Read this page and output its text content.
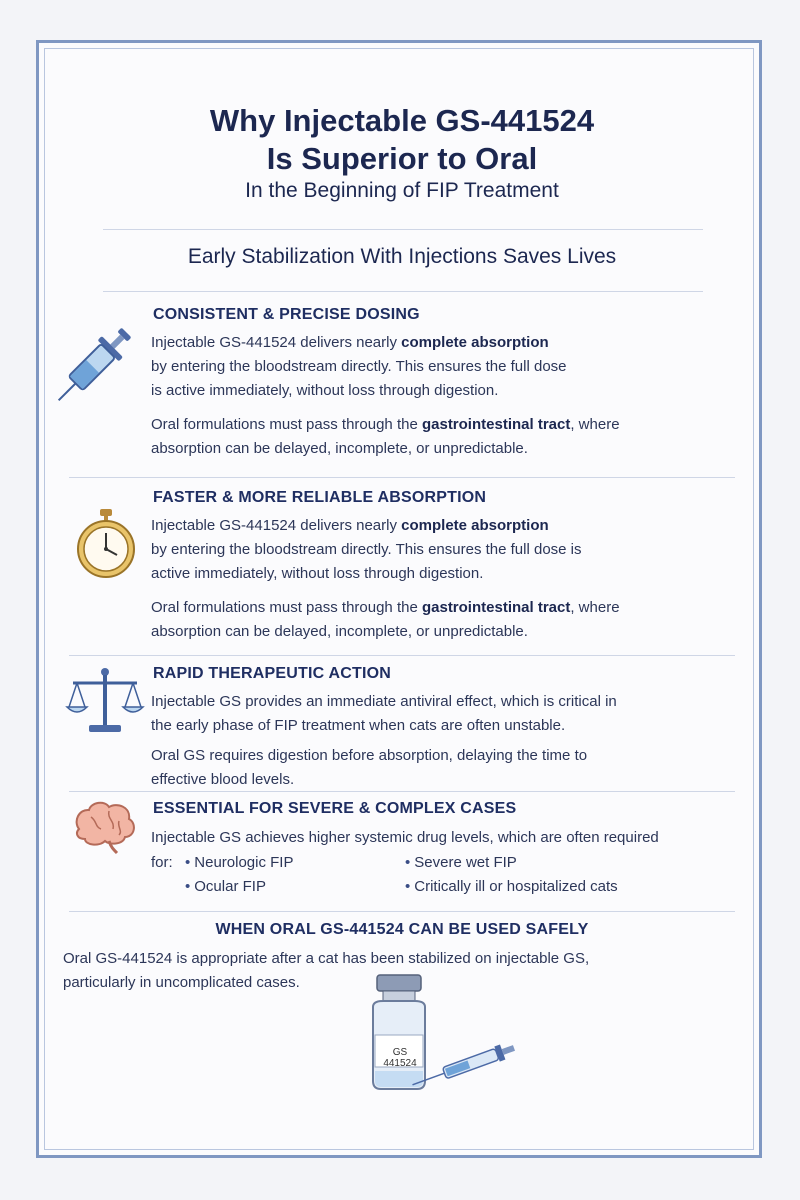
Why Injectable GS-441524
Is Superior to Oral
In the Beginning of FIP Treatment
Early Stabilization With Injections Saves Lives
CONSISTENT & PRECISE DOSING
Injectable GS-441524 delivers nearly complete absorption
by entering the bloodstream directly. This ensures the full dose
is active immediately, without loss through digestion.
Oral formulations must pass through the gastrointestinal tract, where
absorption can be delayed, incomplete, or unpredictable.
FASTER & MORE RELIABLE ABSORPTION
Injectable GS-441524 delivers nearly complete absorption
by entering the bloodstream directly. This ensures the full dose is
active immediately, without loss through digestion.
Oral formulations must pass through the gastrointestinal tract, where
absorption can be delayed, incomplete, or unpredictable.
RAPID THERAPEUTIC ACTION
Injectable GS provides an immediate antiviral effect, which is critical in
the early phase of FIP treatment when cats are often unstable.
Oral GS requires digestion before absorption, delaying the time to
effective blood levels.
ESSENTIAL FOR SEVERE & COMPLEX CASES
Injectable GS achieves higher systemic drug levels, which are often required
for: • Neurologic FIP	• Severe wet FIP
• Ocular FIP	• Critically ill or hospitalized cats
WHEN ORAL GS-441524 CAN BE USED SAFELY
Oral GS-441524 is appropriate after a cat has been stabilized on injectable GS,
particularly in uncomplicated cases.
GS 441524
